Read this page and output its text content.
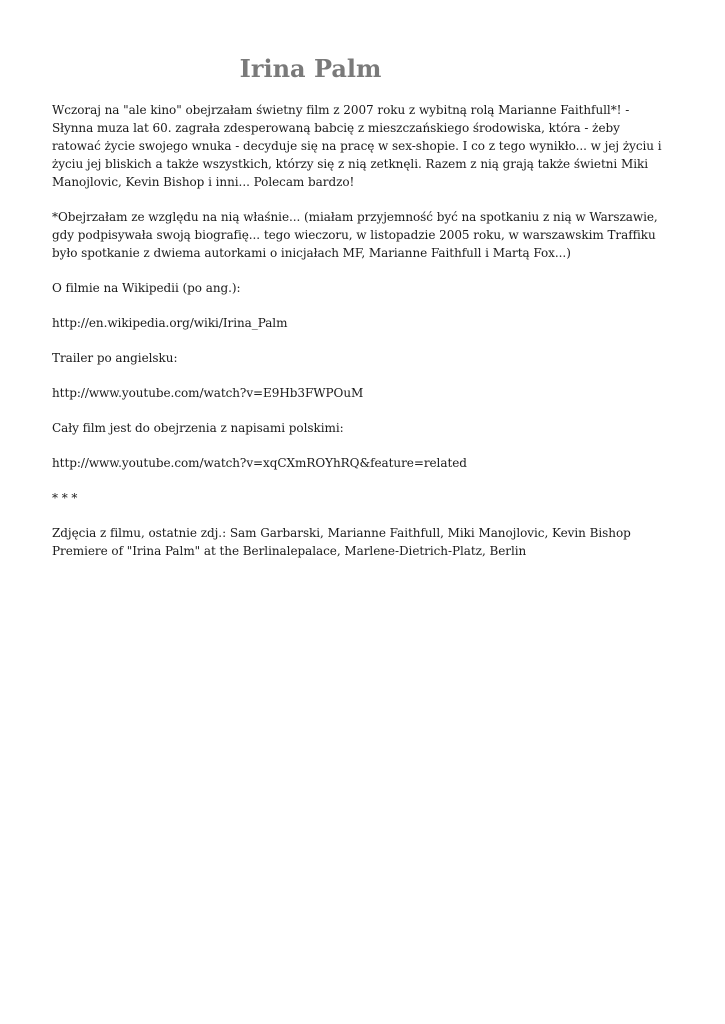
Irina Palm

Wczoraj na "ale kino" obejrzałam świetny film z 2007 roku z wybitną rolą Marianne Faithfull*! - Słynna muza lat 60. zagrała zdesperowaną babcię z mieszczańskiego środowiska, która - żeby ratować życie swojego wnuka - decyduje się na pracę w sex-shopie. I co z tego wynikło... w jej życiu i życiu jej bliskich a także wszystkich, którzy się z nią zetknęli. Razem z nią grają także świetni Miki Manojlovic, Kevin Bishop i inni... Polecam bardzo!

*Obejrzałam ze względu na nią właśnie... (miałam przyjemność być na spotkaniu z nią w Warszawie, gdy podpisywała swoją biografię... tego wieczoru, w listopadzie 2005 roku, w warszawskim Traffiku było spotkanie z dwiema autorkami o inicjałach MF, Marianne Faithfull i Martą Fox...)

O filmie na Wikipedii (po ang.):

http://en.wikipedia.org/wiki/Irina_Palm

Trailer po angielsku:

http://www.youtube.com/watch?v=E9Hb3FWPOuM

Cały film jest do obejrzenia z napisami polskimi:

http://www.youtube.com/watch?v=xqCXmROYhRQ&feature=related

* * *

Zdjęcia z filmu, ostatnie zdj.: Sam Garbarski, Marianne Faithfull, Miki Manojlovic, Kevin Bishop Premiere of "Irina Palm" at the Berlinalepalace, Marlene-Dietrich-Platz, Berlin
